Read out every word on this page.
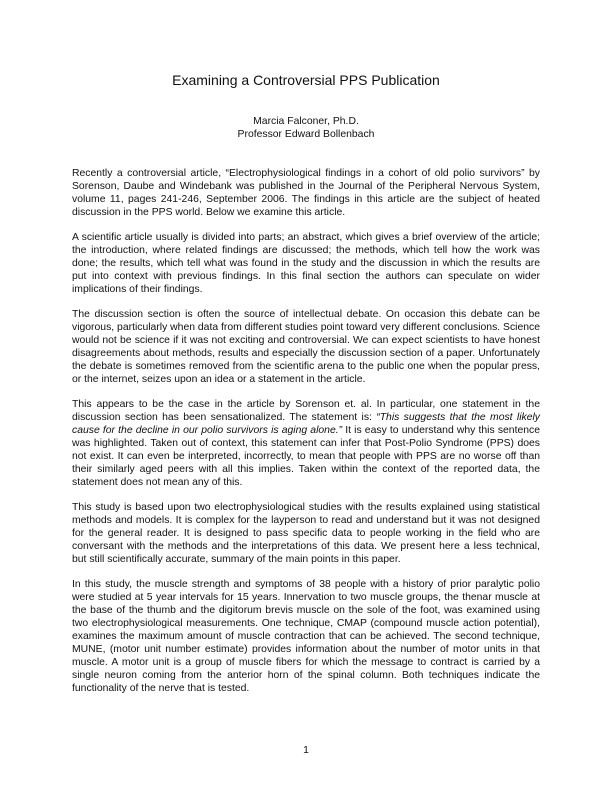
Examining a Controversial PPS Publication

Marcia Falconer, Ph.D.

Professor Edward Bollenbach

Recently a controversial article, “Electrophysiological findings in a cohort of old polio survivors” by Sorenson, Daube and Windebank was published in the Journal of the Peripheral Nervous System, volume 11, pages 241-246, September 2006. The findings in this article are the subject of heated discussion in the PPS world. Below we examine this article.

A scientific article usually is divided into parts; an abstract, which gives a brief overview of the article; the introduction, where related findings are discussed; the methods, which tell how the work was done; the results, which tell what was found in the study and the discussion in which the results are put into context with previous findings. In this final section the authors can speculate on wider implications of their findings.

The discussion section is often the source of intellectual debate. On occasion this debate can be vigorous, particularly when data from different studies point toward very different conclusions. Science would not be science if it was not exciting and controversial. We can expect scientists to have honest disagreements about methods, results and especially the discussion section of a paper. Unfortunately the debate is sometimes removed from the scientific arena to the public one when the popular press, or the internet, seizes upon an idea or a statement in the article.

This appears to be the case in the article by Sorenson et. al. In particular, one statement in the discussion section has been sensationalized. The statement is: “This suggests that the most likely cause for the decline in our polio survivors is aging alone.” It is easy to understand why this sentence was highlighted. Taken out of context, this statement can infer that Post-Polio Syndrome (PPS) does not exist. It can even be interpreted, incorrectly, to mean that people with PPS are no worse off than their similarly aged peers with all this implies. Taken within the context of the reported data, the statement does not mean any of this.

This study is based upon two electrophysiological studies with the results explained using statistical methods and models. It is complex for the layperson to read and understand but it was not designed for the general reader. It is designed to pass specific data to people working in the field who are conversant with the methods and the interpretations of this data. We present here a less technical, but still scientifically accurate, summary of the main points in this paper.

In this study, the muscle strength and symptoms of 38 people with a history of prior paralytic polio were studied at 5 year intervals for 15 years. Innervation to two muscle groups, the thenar muscle at the base of the thumb and the digitorum brevis muscle on the sole of the foot, was examined using two electrophysiological measurements. One technique, CMAP (compound muscle action potential), examines the maximum amount of muscle contraction that can be achieved. The second technique, MUNE, (motor unit number estimate) provides information about the number of motor units in that muscle. A motor unit is a group of muscle fibers for which the message to contract is carried by a single neuron coming from the anterior horn of the spinal column. Both techniques indicate the functionality of the nerve that is tested.

1
